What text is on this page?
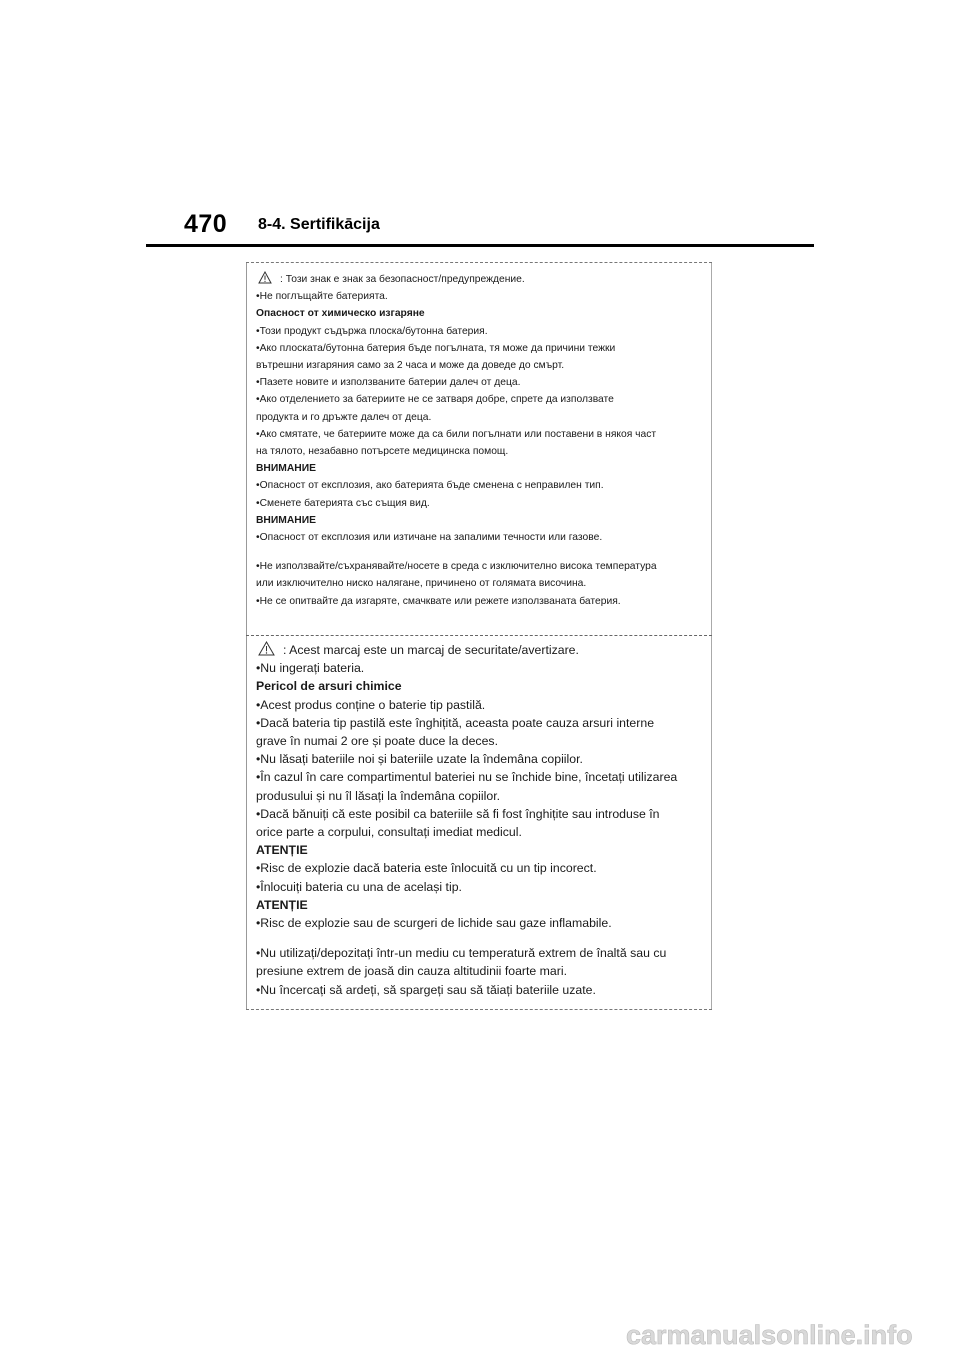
470 8-4. Sertifikācija
: Този знак е знак за безопасност/предупреждение.
•Не поглъщайте батерията.
Опасност от химическо изгаряне
•Този продукт съдържа плоска/бутонна батерия.
•Ако плоската/бутонна батерия бъде погълната, тя може да причини тежки
вътрешни изгаряния само за 2 часа и може да доведе до смърт.
•Пазете новите и използваните батерии далеч от деца.
•Ако отделението за батериите не се затваря добре, спрете да използвате
продукта и го дръжте далеч от деца.
•Ако смятате, че батериите може да са били погълнати или поставени в някоя част
на тялото, незабавно потърсете медицинска помощ.
ВНИМАНИЕ
•Опасност от експлозия, ако батерията бъде сменена с неправилен тип.
•Сменете батерията със същия вид.
ВНИМАНИЕ
•Опасност от експлозия или изтичане на запалими течности или газове.
•Не използвайте/съхранявайте/носете в среда с изключително висока температура
или изключително ниско налягане, причинено от голямата височина.
•Не се опитвайте да изгаряте, смачквате или режете използваната батерия.
: Acest marcaj este un marcaj de securitate/avertizare.
•Nu ingerați bateria.
Pericol de arsuri chimice
•Acest produs conține o baterie tip pastilă.
•Dacă bateria tip pastilă este înghițită, aceasta poate cauza arsuri interne
grave în numai 2 ore și poate duce la deces.
•Nu lăsați bateriile noi și bateriile uzate la îndemâna copiilor.
•În cazul în care compartimentul bateriei nu se închide bine, încetați utilizarea
produsului și nu îl lăsați la îndemâna copiilor.
•Dacă bănuiți că este posibil ca bateriile să fi fost înghițite sau introduse în
orice parte a corpului, consultați imediat medicul.
ATENȚIE
•Risc de explozie dacă bateria este înlocuită cu un tip incorect.
•Înlocuiți bateria cu una de același tip.
ATENȚIE
•Risc de explozie sau de scurgeri de lichide sau gaze inflamabile.
•Nu utilizați/depozitați într-un mediu cu temperatură extrem de înaltă sau cu
presiune extrem de joasă din cauza altitudinii foarte mari.
•Nu încercați să ardeți, să spargeți sau să tăiați bateriile uzate.
carmanualsonline.info
